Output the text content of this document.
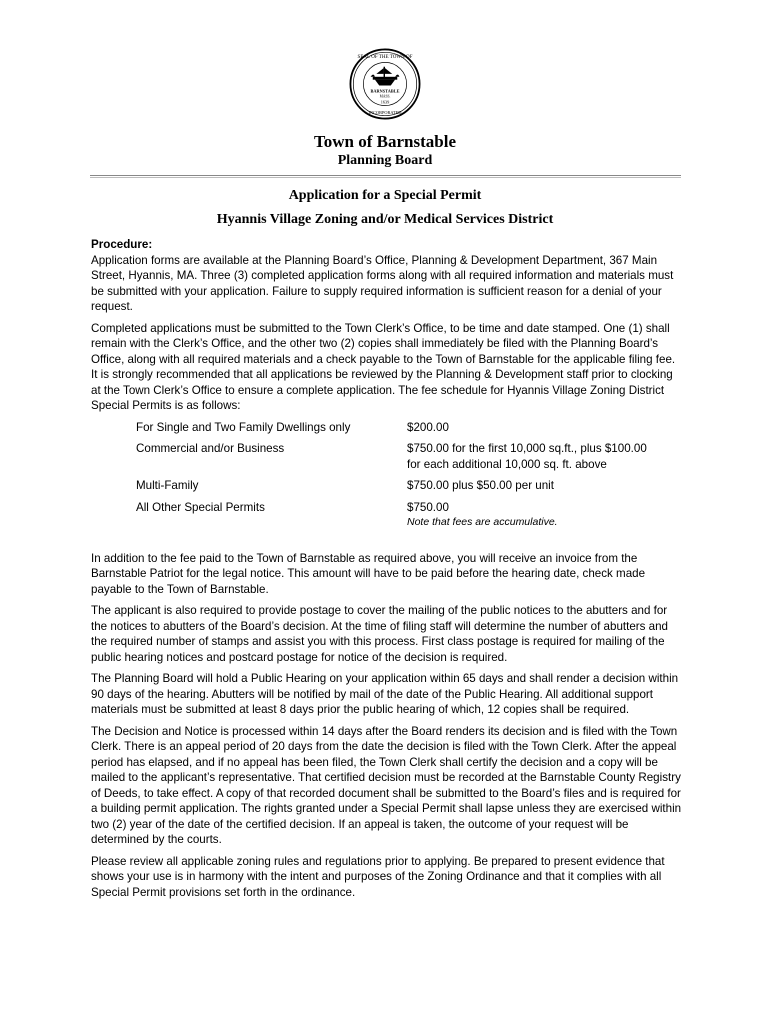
SEAL OF THE TOWN OF
INCORPORATED
BARNSTABLE
MASS.
1639
Town of Barnstable
Planning Board
Application for a Special Permit
Hyannis Village Zoning and/or Medical Services District
Procedure:

Application forms are available at the Planning Board’s Office, Planning & Development Department, 367 Main Street, Hyannis, MA. Three (3) completed application forms along with all required information and materials must be submitted with your application. Failure to supply required information is sufficient reason for a denial of your request.

Completed applications must be submitted to the Town Clerk’s Office, to be time and date stamped. One (1) shall remain with the Clerk’s Office, and the other two (2) copies shall immediately be filed with the Planning Board’s Office, along with all required materials and a check payable to the Town of Barnstable for the applicable filing fee. It is strongly recommended that all applications be reviewed by the Planning & Development staff prior to clocking at the Town Clerk’s Office to ensure a complete application. The fee schedule for Hyannis Village Zoning District Special Permits is as follows:

For Single and Two Family Dwellings only	$200.00
Commercial and/or Business	$750.00 for the first 10,000 sq.ft., plus $100.00
for each additional 10,000 sq. ft. above
Multi-Family	$750.00 plus $50.00 per unit
All Other Special Permits	$750.00
Note that fees are accumulative.

In addition to the fee paid to the Town of Barnstable as required above, you will receive an invoice from the Barnstable Patriot for the legal notice. This amount will have to be paid before the hearing date, check made payable to the Town of Barnstable.

The applicant is also required to provide postage to cover the mailing of the public notices to the abutters and for the notices to abutters of the Board’s decision. At the time of filing staff will determine the number of abutters and the required number of stamps and assist you with this process. First class postage is required for mailing of the public hearing notices and postcard postage for notice of the decision is required.

The Planning Board will hold a Public Hearing on your application within 65 days and shall render a decision within 90 days of the hearing. Abutters will be notified by mail of the date of the Public Hearing. All additional support materials must be submitted at least 8 days prior the public hearing of which, 12 copies shall be required.

The Decision and Notice is processed within 14 days after the Board renders its decision and is filed with the Town Clerk. There is an appeal period of 20 days from the date the decision is filed with the Town Clerk. After the appeal period has elapsed, and if no appeal has been filed, the Town Clerk shall certify the decision and a copy will be mailed to the applicant’s representative. That certified decision must be recorded at the Barnstable County Registry of Deeds, to take effect. A copy of that recorded document shall be submitted to the Board’s files and is required for a building permit application. The rights granted under a Special Permit shall lapse unless they are exercised within two (2) year of the date of the certified decision. If an appeal is taken, the outcome of your request will be determined by the courts.

Please review all applicable zoning rules and regulations prior to applying. Be prepared to present evidence that shows your use is in harmony with the intent and purposes of the Zoning Ordinance and that it complies with all Special Permit provisions set forth in the ordinance.
